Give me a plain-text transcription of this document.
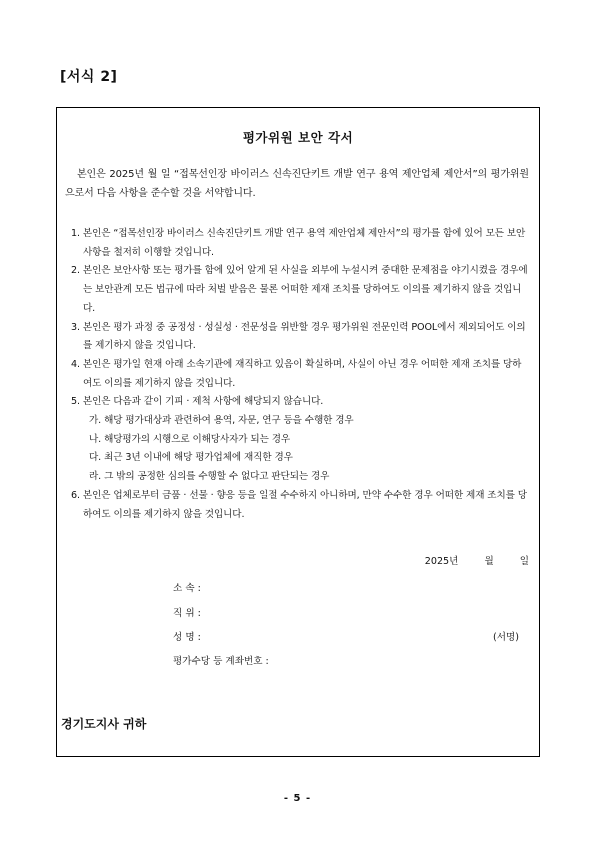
[서식 2]
평가위원 보안 각서

본인은 2025년 월 일 “접목선인장 바이러스 신속진단키트 개발 연구 용역 제안업체 제안서”의 평가위원으로서 다음 사항을 준수할 것을 서약합니다.

1. 본인은 “접목선인장 바이러스 신속진단키트 개발 연구 용역 제안업체 제안서”의 평가를 함에 있어 모든 보안사항을 철저히 이행할 것입니다.
2. 본인은 보안사항 또는 평가를 함에 있어 알게 된 사실을 외부에 누설시켜 중대한 문제점을 야기시켰을 경우에는 보안관계 모든 법규에 따라 처벌 받음은 물론 어떠한 제재 조치를 당하여도 이의를 제기하지 않을 것입니다.
3. 본인은 평가 과정 중 공정성 · 성실성 · 전문성을 위반할 경우 평가위원 전문인력 POOL에서 제외되어도 이의를 제기하지 않을 것입니다.
4. 본인은 평가일 현재 아래 소속기관에 재직하고 있음이 확실하며, 사실이 아닌 경우 어떠한 제재 조치를 당하여도 이의를 제기하지 않을 것입니다.
5. 본인은 다음과 같이 기피 · 제척 사항에 해당되지 않습니다.
가. 해당 평가대상과 관련하여 용역, 자문, 연구 등을 수행한 경우
나. 해당평가의 시행으로 이해당사자가 되는 경우
다. 최근 3년 이내에 해당 평가업체에 재직한 경우
라. 그 밖의 공정한 심의를 수행할 수 없다고 판단되는 경우
6. 본인은 업체로부터 금품 · 선물 · 향응 등을 일절 수수하지 아니하며, 만약 수수한 경우 어떠한 제재 조치를 당하여도 이의를 제기하지 않을 것입니다.
2025년	월	일
소 속 :
직 위 :
성 명 :	(서명)
평가수당 등 계좌번호 :
경기도지사 귀하
- 5 -
